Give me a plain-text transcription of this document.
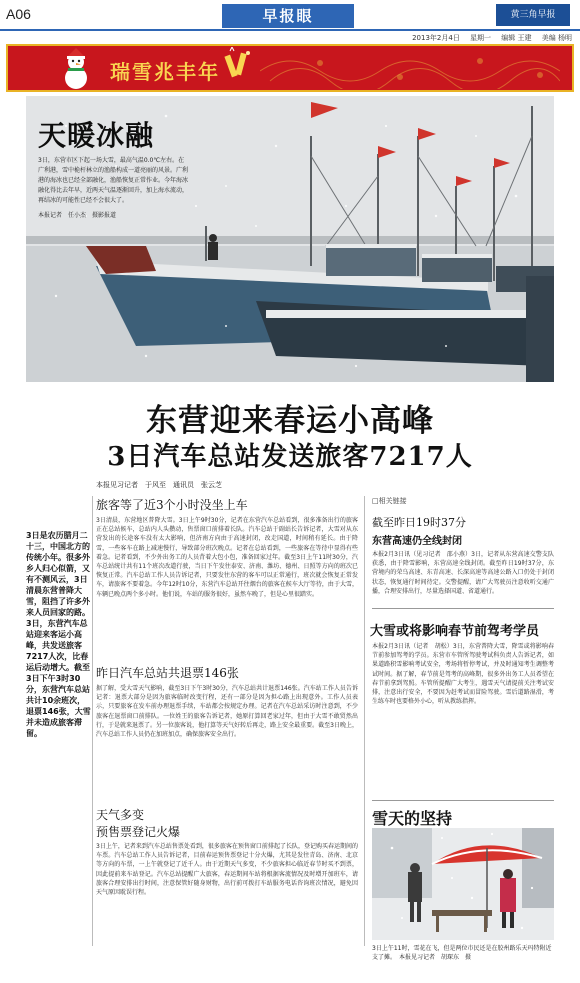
A06	早报眼	黄三角早报
2013年2月4日 星期一 编辑 王建 美编 杨明
瑞雪兆丰年
天暖冰融
3日，东营市区下起一场大雪，最高气温0.0℃左右。在广利港，雪中桅杆林立的渔船构成一道亮丽的风景。广利港的海冰也已经全部融化，渔船恢复正常作业。今年海冰融化得比去年早，近两天气温逐渐回升，加上海水流动，再结冰的可能性已经不会很大了。
本报记者　任小杰　摄影报道
东营迎来春运小高峰
3日汽车总站发送旅客7217人
本报见习记者　于风至　通讯员　张云芝
3日是农历腊月二十三，中国北方的传统小年。很多外乡人归心似箭，又有不测风云，3日清晨东营普降大雪，阻挡了许多外来人员回家的路。3日，东营汽车总站迎来客运小高峰，共发送旅客7217人次，比春运后动增大。截至3日下午3时30分，东营汽车总站共计10余班次，退票146张，大雪并未造成旅客滞留。
旅客等了近3个小时没坐上车
3日清晨，东营地区普降大雪。3日上午9时30分，记者在东营汽车总站看到，很多准备出行的旅客正在总站候车，总站内人头攒动，售票窗口前排着长队。汽车总站于副站长告诉记者，大雪对从东营发出的长途客车没有太大影响，但济南方向由于高速封闭，改走国道，时间稍有延长。由于降雪，一些客车在路上减速慢行，导致部分班次晚点。记者在总站看到，一些旅客在等待中显得有些着急。记者看到，不少外出务工的人员背着大包小包，准备回家过年。截至3日上午11时30分，汽车总站统计共有11个班次改道行驶，当日下午发往泰安、济南、潍坊、德州、日照等方向的班次已恢复正常。汽车总站工作人员告诉记者，只要发往东营的客车可以正常通行，班次就会恢复正常发车，请旅客不要着急。今年12时10分，东营汽车总站开往烟台的旅客在候车大厅等待，由于大雪，车辆已晚点两个多小时。他们说，车站的服务很好，虽然车晚了，但是心里很踏实。
昨日汽车总站共退票146张
据了解，受大雪天气影响，截至3日下午3时30分，汽车总站共计退票146张。汽车站工作人员告诉记者：退票大部分是因为旅客临时改变行程，还有一部分是因为担心路上出现意外。工作人员表示，只要旅客在发车前办理退票手续，车站都会按规定办理。记者在汽车总站采访时注意到，不少旅客在退票窗口前排队。一位姓王的旅客告诉记者，她原打算回老家过年，但由于大雪不敢贸然出行，于是就来退票了。另一位旅客说，他打算等天气好转后再走，路上安全最重要。截至3日晚上，汽车总站工作人员仍在加班加点，确保旅客安全出行。
天气多变
预售票登记火爆
3日上午，记者来到汽车总站售票处看到，很多旅客在预售窗口前排起了长队，登记购买春运期间的车票。汽车总站工作人员告诉记者，目前春运预售票登记十分火爆，尤其是发往青岛、济南、北京等方向的车票，一上午就登记了近千人。由于近期天气多变，不少旅客担心临近春节时买不到票，因此提前来车站登记。汽车总站提醒广大旅客，春运期间车站将根据客流情况及时增开加班车，请旅客合理安排出行时间，注意保管好随身财物，出行前可拨打车站服务电话咨询班次情况，避免因天气原因耽误行程。
□相关链接
截至昨日19时37分
东营高速仍全线封闭
本报2月3日讯（见习记者　邵小燕）3日，记者从东营高速交警支队获悉，由于降雪影响，东营高速全线封闭。截至昨日19时37分，东营境内的荣乌高速、东青高速、长深高速等高速公路入口仍处于封闭状态，恢复通行时间待定。交警提醒，请广大驾驶员注意收听交通广播，合理安排出行，尽量选择国道、省道通行。
大雪或将影响春节前驾考学员
本报2月3日讯（记者　胡松）3日，东营普降大雪，降雪或将影响春节前参加驾考的学员。东营市车管所驾驶考试科负责人告诉记者，如果道路积雪影响考试安全，考场将暂停考试，并及时通知考生调整考试时间。据了解，春节前是驾考的高峰期，很多外出务工人员希望在春节前拿到驾照。车管所提醒广大考生，遇雪天气请提前关注考试安排，注意出行安全，不要因为赶考试而冒险驾驶。雪后道路湿滑，考生练车时也要格外小心，听从教练指挥。
雪天的坚持
3日上午11时，雪花在飞，但是两位市民还是在胶州路乐天玛特附近支了摊。　本报见习记者　胡琛东　摄
